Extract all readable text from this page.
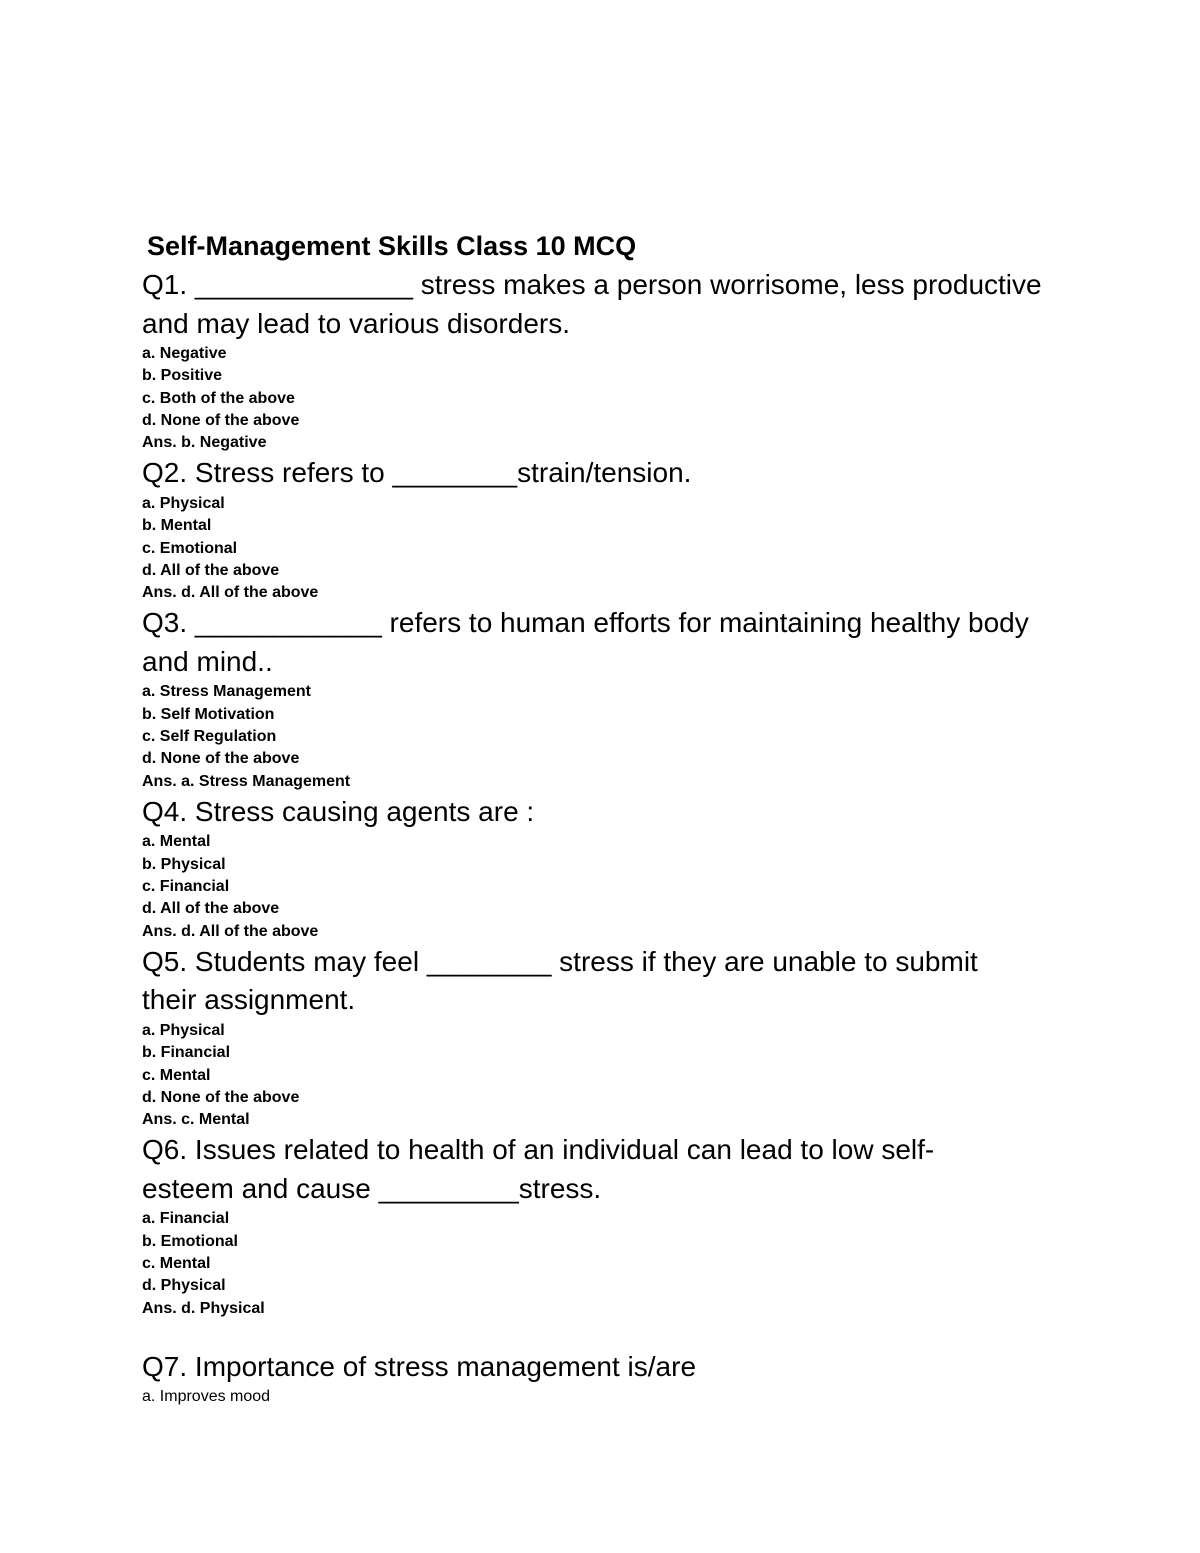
Self-Management Skills Class 10 MCQ
Q1. ______________ stress makes a person worrisome, less productive and may lead to various disorders.
a. Negative
b. Positive
c. Both of the above
d. None of the above
Ans. b. Negative
Q2. Stress refers to ________strain/tension.
a. Physical
b. Mental
c. Emotional
d. All of the above
Ans. d. All of the above
Q3. ____________ refers to human efforts for maintaining healthy body and mind..
a. Stress Management
b. Self Motivation
c. Self Regulation
d. None of the above
Ans. a. Stress Management
Q4. Stress causing agents are :
a. Mental
b. Physical
c. Financial
d. All of the above
Ans. d. All of the above
Q5. Students may feel ________ stress if they are unable to submit their assignment.
a. Physical
b. Financial
c. Mental
d. None of the above
Ans. c. Mental
Q6. Issues related to health of an individual can lead to low self-esteem and cause _________stress.
a. Financial
b. Emotional
c. Mental
d. Physical
Ans. d. Physical
Q7. Importance of stress management is/are
a. Improves mood
